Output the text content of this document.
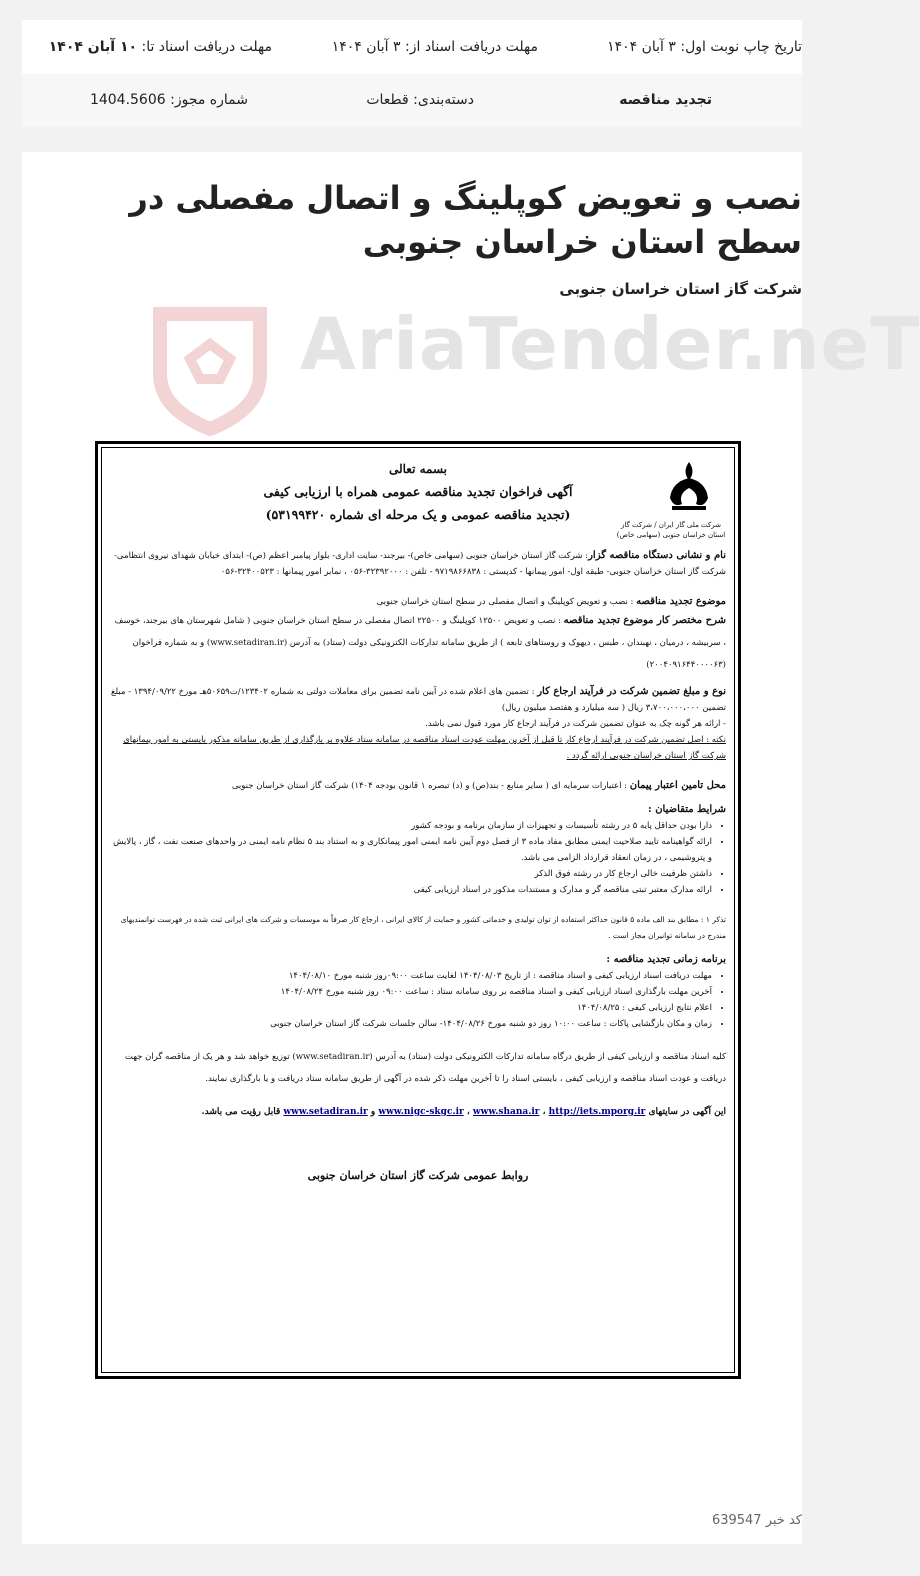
تاریخ چاپ نوبت اول: ۳ آبان ۱۴۰۴
مهلت دریافت اسناد از: ۳ آبان ۱۴۰۴
مهلت دریافت اسناد تا: ۱۰ آبان ۱۴۰۴
تجدید مناقصه
دسته‌بندی: قطعات
شماره مجوز: 1404.5606
نصب و تعویض کوپلینگ و اتصال مفصلی در سطح استان خراسان جنوبی
شرکت گاز استان خراسان جنوبی
AriaTender.neT
بسمه تعالی
آگهی فراخوان تجدید مناقصه عمومی همراه با ارزیابی کیفی
(تجدید مناقصه عمومی و یک مرحله ای شماره ۵۳۱۹۹۴۲۰)
شرکت ملی گاز ایران / شرکت گاز استان خراسان جنوبی (سهامی خاص)

نام و نشانی دستگاه مناقصه گزار: شرکت گاز استان خراسان جنوبی (سهامی خاص)- بیرجند- سایت اداری- بلوار پیامبر اعظم (ص)- ابتدای خیابان شهدای نیروی انتظامی- شرکت گاز استان خراسان جنوبی- طبقه اول- امور پیمانها - کدپستی : ۹۷۱۹۸۶۶۸۳۸ - تلفن : ۳۲۳۹۲۰۰۰-۰۵۶ ، نمابر امور پیمانها : ۳۲۴۰۰۵۲۳-۰۵۶

موضوع تجدید مناقصه : نصب و تعویض کوپلینگ و اتصال مفصلی در سطح استان خراسان جنوبی

شرح مختصر کار موضوع تجدید مناقصه : نصب و تعویض ۱۲۵۰۰ کوپلینگ و ۲۲۵۰۰ اتصال مفصلی در سطح استان خراسان جنوبی ( شامل شهرستان های بیرجند، خوسف ، سربیشه ، درمیان ، نهبندان ، طبس ، دیهوک و روستاهای تابعه ) از طریق سامانه تدارکات الکترونیکی دولت (ستاد) به آدرس (www.setadiran.ir) و به شماره فراخوان (۲۰۰۴۰۹۱۶۴۴۰۰۰۰۶۳)

نوع و مبلغ تضمین شرکت در فرآیند ارجاع کار : تضمین های اعلام شده در آیین نامه تضمین برای معاملات دولتی به شماره ۱۲۳۴۰۲/ت۵۰۶۵۹هـ مورخ ۱۳۹۴/۰۹/۲۲ - مبلغ تضمین ۳،۷۰۰،۰۰۰،۰۰۰ ریال ( سه میلیارد و هفتصد میلیون ریال)

- ارائه هر گونه چک به عنوان تضمین شرکت در فرآیند ارجاع کار مورد قبول نمی باشد.

نکته : اصل تضمین شرکت در فرآیند ارجاع کار تا قبل از آخرین مهلت عودت اسناد مناقصه در سامانه ستاد علاوه بر بارگذاری از طریق سامانه مذکور بایستی به امور پیمانهای شرکت گاز استان خراسان جنوبی ارائه گردد .

محل تامین اعتبار پیمان : اعتبارات سرمایه ای ( سایر منابع - بند(ص) و (د) تبصره ۱ قانون بودجه ۱۴۰۴) شرکت گاز استان خراسان جنوبی

شرایط متقاضیان :

• دارا بودن حداقل پایه ۵ در رشته تأسیسات و تجهیزات از سازمان برنامه و بودجه کشور
• ارائه گواهینامه تایید صلاحیت ایمنی مطابق مفاد ماده ۳ از فصل دوم آیین نامه ایمنی امور پیمانکاری و به استناد بند ۵ نظام نامه ایمنی در واحدهای صنعت نفت ، گاز ، پالایش و پتروشیمی ، در زمان انعقاد قرارداد الزامی می باشد.
• داشتن ظرفیت خالی ارجاع کار در رشته فوق الذکر
• ارائه مدارک معتبر تبتی مناقصه گر و مدارک و مستندات مذکور در اسناد ارزیابی کیفی

تذکر ۱ : مطابق بند الف ماده ۵ قانون حداکثر استفاده از توان تولیدی و خدماتی کشور و حمایت از کالای ایرانی ، ارجاع کار صرفاً به موسسات و شرکت های ایرانی ثبت شده در فهرست توانمندیهای مندرج در سامانه توانیران مجاز است .

برنامه زمانی تجدید مناقصه :

• مهلت دریافت اسناد ارزیابی کیفی و اسناد مناقصه : از تاریخ ۱۴۰۴/۰۸/۰۳ لغایت ساعت ۰۹:۰۰روز شنبه مورخ ۱۴۰۴/۰۸/۱۰
• آخرین مهلت بارگذاری اسناد ارزیابی کیفی و اسناد مناقصه بر روی سامانه ستاد : ساعت ۰۹:۰۰ روز شنبه مورخ ۱۴۰۴/۰۸/۲۴
• اعلام نتایج ارزیابی کیفی : ۱۴۰۴/۰۸/۲۵
• زمان و مکان بازگشایی پاکات : ساعت ۱۰:۰۰ روز دو شنبه مورخ ۱۴۰۴/۰۸/۲۶- سالن جلسات شرکت گاز استان خراسان جنوبی

کلیه اسناد مناقصه و ارزیابی کیفی از طریق درگاه سامانه تدارکات الکترونیکی دولت (ستاد) به آدرس (www.setadiran.ir) توزیع خواهد شد و هر یک از مناقصه گران جهت دریافت و عودت اسناد مناقصه و ارزیابی کیفی ، بایستی اسناد را تا آخرین مهلت ذکر شده در آگهی از طریق سامانه ستاد دریافت و یا بارگذاری نمایند.

این آگهی در سایتهای www.nigc-skgc.ir ، www.shana.ir ، http://iets.mporg.ir و www.setadiran.ir قابل رؤیت می باشد.

روابط عمومی شرکت گاز استان خراسان جنوبی
کد خبر 639547
